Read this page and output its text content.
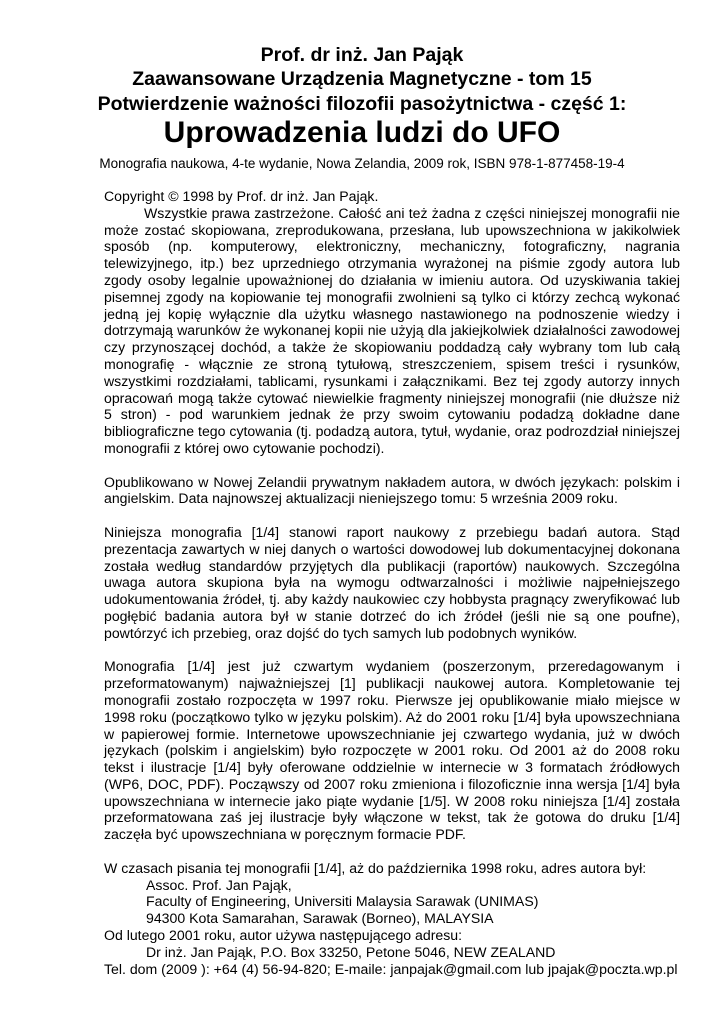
Prof. dr inż. Jan Pająk
Zaawansowane Urządzenia Magnetyczne - tom 15
Potwierdzenie ważności filozofii pasożytnictwa - część 1:
Uprowadzenia ludzi do UFO
Monografia naukowa, 4-te wydanie, Nowa Zelandia, 2009 rok, ISBN 978-1-877458-19-4

Copyright © 1998 by Prof. dr inż. Jan Pająk.

Wszystkie prawa zastrzeżone. Całość ani też żadna z części niniejszej monografii nie może zostać skopiowana, zreprodukowana, przesłana, lub upowszechniona w jakikolwiek sposób (np. komputerowy, elektroniczny, mechaniczny, fotograficzny, nagrania telewizyjnego, itp.) bez uprzedniego otrzymania wyrażonej na piśmie zgody autora lub zgody osoby legalnie upoważnionej do działania w imieniu autora. Od uzyskiwania takiej pisemnej zgody na kopiowanie tej monografii zwolnieni są tylko ci którzy zechcą wykonać jedną jej kopię wyłącznie dla użytku własnego nastawionego na podnoszenie wiedzy i dotrzymają warunków że wykonanej kopii nie użyją dla jakiejkolwiek działalności zawodowej czy przynoszącej dochód, a także że skopiowaniu poddadzą cały wybrany tom lub całą monografię - włącznie ze stroną tytułową, streszczeniem, spisem treści i rysunków, wszystkimi rozdziałami, tablicami, rysunkami i załącznikami. Bez tej zgody autorzy innych opracowań mogą także cytować niewielkie fragmenty niniejszej monografii (nie dłuższe niż 5 stron) - pod warunkiem jednak że przy swoim cytowaniu podadzą dokładne dane bibliograficzne tego cytowania (tj. podadzą autora, tytuł, wydanie, oraz podrozdział niniejszej monografii z której owo cytowanie pochodzi).

Opublikowano w Nowej Zelandii prywatnym nakładem autora, w dwóch językach: polskim i angielskim. Data najnowszej aktualizacji nieniejszego tomu: 5 września 2009 roku.

Niniejsza monografia [1/4] stanowi raport naukowy z przebiegu badań autora. Stąd prezentacja zawartych w niej danych o wartości dowodowej lub dokumentacyjnej dokonana została według standardów przyjętych dla publikacji (raportów) naukowych. Szczególna uwaga autora skupiona była na wymogu odtwarzalności i możliwie najpełniejszego udokumentowania źródeł, tj. aby każdy naukowiec czy hobbysta pragnący zweryfikować lub pogłębić badania autora był w stanie dotrzeć do ich źródeł (jeśli nie są one poufne), powtórzyć ich przebieg, oraz dojść do tych samych lub podobnych wyników.

Monografia [1/4] jest już czwartym wydaniem (poszerzonym, przeredagowanym i przeformatowanym) najważniejszej [1] publikacji naukowej autora. Kompletowanie tej monografii zostało rozpoczęta w 1997 roku. Pierwsze jej opublikowanie miało miejsce w 1998 roku (początkowo tylko w języku polskim). Aż do 2001 roku [1/4] była upowszechniana w papierowej formie. Internetowe upowszechnianie jej czwartego wydania, już w dwóch językach (polskim i angielskim) było rozpoczęte w 2001 roku. Od 2001 aż do 2008 roku tekst i ilustracje [1/4] były oferowane oddzielnie w internecie w 3 formatach źródłowych (WP6, DOC, PDF). Począwszy od 2007 roku zmieniona i filozoficznie inna wersja [1/4] była upowszechniana w internecie jako piąte wydanie [1/5]. W 2008 roku niniejsza [1/4] została przeformatowana zaś jej ilustracje były włączone w tekst, tak że gotowa do druku [1/4] zaczęła być upowszechniana w poręcznym formacie PDF.

W czasach pisania tej monografii [1/4], aż do października 1998 roku, adres autora był:

Assoc. Prof. Jan Pająk,

Faculty of Engineering, Universiti Malaysia Sarawak (UNIMAS)

94300 Kota Samarahan, Sarawak (Borneo), MALAYSIA

Od lutego 2001 roku, autor używa następującego adresu:

Dr inż. Jan Pająk, P.O. Box 33250, Petone 5046, NEW ZEALAND

Tel. dom (2009 ): +64 (4) 56-94-820; E-maile: janpajak@gmail.com lub jpajak@poczta.wp.pl
